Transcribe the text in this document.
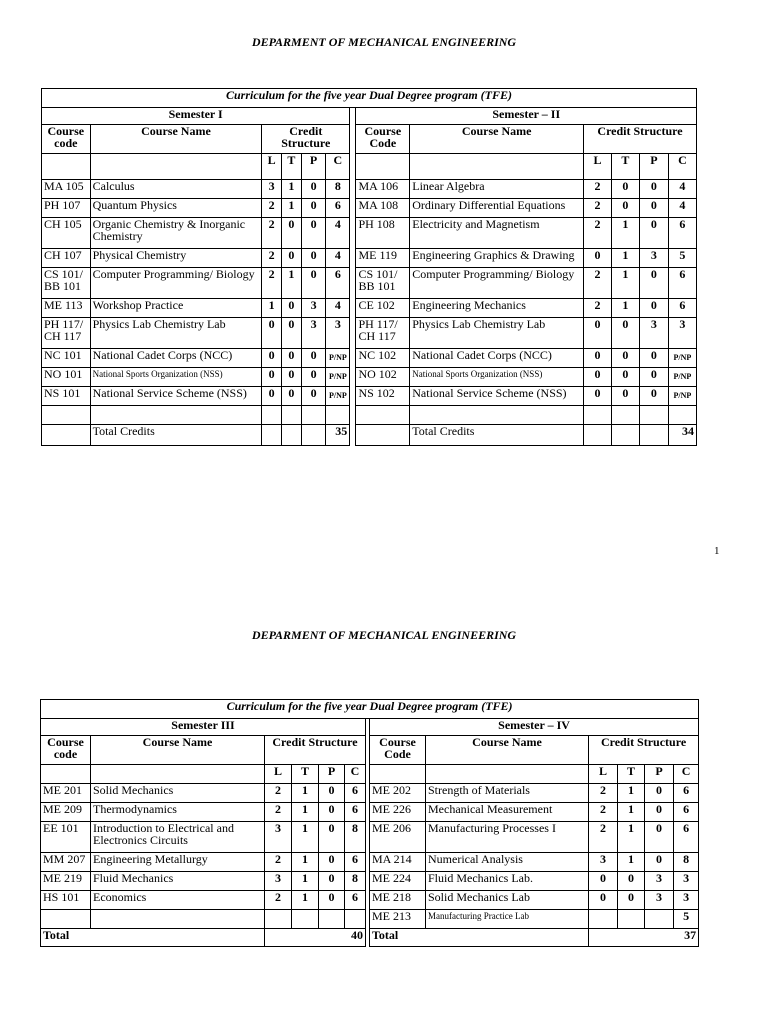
DEPARMENT OF MECHANICAL ENGINEERING
Curriculum for the five year Dual Degree program (TFE)												
Semester I							Semester – II					
Course code	Course Name	Credit Structure					Course Code	Course Name	Credit Structure			
		L	T	P	C				L	T	P	C
MA 105	Calculus	3	1	0	8		MA 106	Linear Algebra	2	0	0	4
PH 107	Quantum Physics	2	1	0	6		MA 108	Ordinary Differential Equations	2	0	0	4
CH 105	Organic Chemistry & Inorganic Chemistry	2	0	0	4		PH 108	Electricity and Magnetism	2	1	0	6
CH 107	Physical Chemistry	2	0	0	4		ME 119	Engineering Graphics & Drawing	0	1	3	5
CS 101/ BB 101	Computer Programming/ Biology	2	1	0	6		CS 101/ BB 101	Computer Programming/ Biology	2	1	0	6
ME 113	Workshop Practice	1	0	3	4		CE 102	Engineering Mechanics	2	1	0	6
PH 117/ CH 117	Physics Lab Chemistry Lab	0	0	3	3		PH 117/ CH 117	Physics Lab Chemistry Lab	0	0	3	3
NC 101	National Cadet Corps (NCC)	0	0	0	P/NP		NC 102	National Cadet Corps (NCC)	0	0	0	P/NP
NO 101	National Sports Organization (NSS)	0	0	0	P/NP		NO 102	National Sports Organization (NSS)	0	0	0	P/NP
NS 101	National Service Scheme (NSS)	0	0	0	P/NP		NS 102	National Service Scheme (NSS)	0	0	0	P/NP

	Total Credits				35			Total Credits				34
1
DEPARMENT OF MECHANICAL ENGINEERING
Curriculum for the five year Dual Degree program (TFE)												
Semester III							Semester – IV					
Course code	Course Name	Credit Structure					Course Code	Course Name	Credit Structure			
		L	T	P	C				L	T	P	C
ME 201	Solid Mechanics	2	1	0	6		ME 202	Strength of Materials	2	1	0	6
ME 209	Thermodynamics	2	1	0	6		ME 226	Mechanical Measurement	2	1	0	6
EE 101	Introduction to Electrical and Electronics Circuits	3	1	0	8		ME 206	Manufacturing Processes I	2	1	0	6
MM 207	Engineering Metallurgy	2	1	0	6		MA 214	Numerical Analysis	3	1	0	8
ME 219	Fluid Mechanics	3	1	0	8		ME 224	Fluid Mechanics Lab.	0	0	3	3
HS 101	Economics	2	1	0	6		ME 218	Solid Mechanics Lab	0	0	3	3
							ME 213	Manufacturing Practice Lab				5
Total		40					Total		37			
